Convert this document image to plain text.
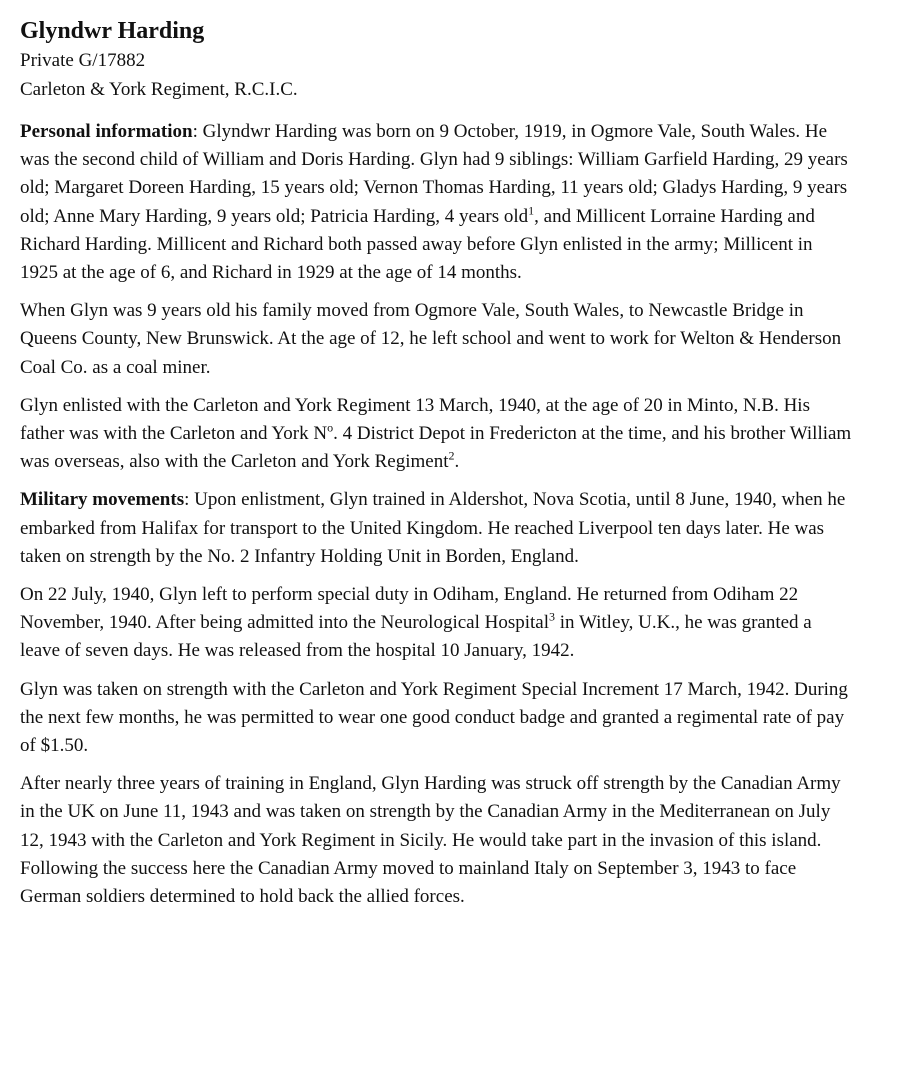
Glyndwr Harding
Private G/17882
Carleton & York Regiment, R.C.I.C.

Personal information: Glyndwr Harding was born on 9 October, 1919, in Ogmore Vale, South Wales. He was the second child of William and Doris Harding. Glyn had 9 siblings: William Garfield Harding, 29 years old; Margaret Doreen Harding, 15 years old; Vernon Thomas Harding, 11 years old; Gladys Harding, 9 years old; Anne Mary Harding, 9 years old; Patricia Harding, 4 years old$^1$, and Millicent Lorraine Harding and Richard Harding. Millicent and Richard both passed away before Glyn enlisted in the army; Millicent in 1925 at the age of 6, and Richard in 1929 at the age of 14 months.

When Glyn was 9 years old his family moved from Ogmore Vale, South Wales, to Newcastle Bridge in Queens County, New Brunswick. At the age of 12, he left school and went to work for Welton & Henderson Coal Co. as a coal miner.

Glyn enlisted with the Carleton and York Regiment 13 March, 1940, at the age of 20 in Minto, N.B. His father was with the Carleton and York $N^o$. 4 District Depot in Fredericton at the time, and his brother William was overseas, also with the Carleton and York Regiment$^2$.

Military movements: Upon enlistment, Glyn trained in Aldershot, Nova Scotia, until 8 June, 1940, when he embarked from Halifax for transport to the United Kingdom. He reached Liverpool ten days later. He was taken on strength by the No. 2 Infantry Holding Unit in Borden, England.

On 22 July, 1940, Glyn left to perform special duty in Odiham, England. He returned from Odiham 22 November, 1940. After being admitted into the Neurological Hospital$^3$ in Witley, U.K., he was granted a leave of seven days. He was released from the hospital 10 January, 1942.

Glyn was taken on strength with the Carleton and York Regiment Special Increment 17 March, 1942. During the next few months, he was permitted to wear one good conduct badge and granted a regimental rate of pay of $1.50.

After nearly three years of training in England, Glyn Harding was struck off strength by the Canadian Army in the UK on June 11, 1943 and was taken on strength by the Canadian Army in the Mediterranean on July 12, 1943 with the Carleton and York Regiment in Sicily. He would take part in the invasion of this island. Following the success here the Canadian Army moved to mainland Italy on September 3, 1943 to face German soldiers determined to hold back the allied forces.
